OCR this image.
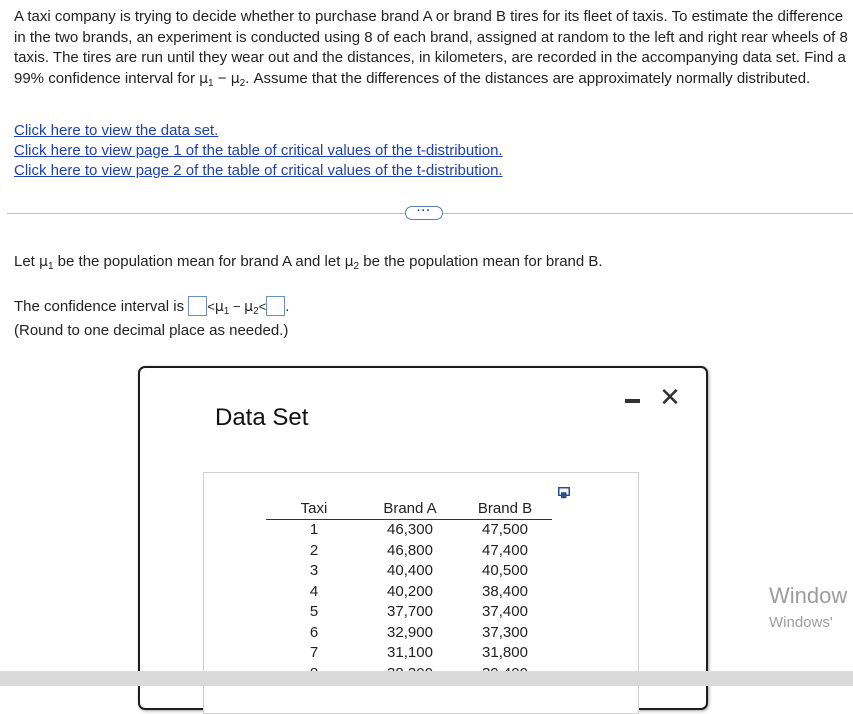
A taxi company is trying to decide whether to purchase brand A or brand B tires for its fleet of taxis. To estimate the difference in the two brands, an experiment is conducted using 8 of each brand, assigned at random to the left and right rear wheels of 8 taxis. The tires are run until they wear out and the distances, in kilometers, are recorded in the accompanying data set. Find a 99% confidence interval for $\mu_1 - \mu_2$. Assume that the differences of the distances are approximately normally distributed.

Click here to view the data set.
Click here to view page 1 of the table of critical values of the t-distribution.
Click here to view page 2 of the table of critical values of the t-distribution.
···
Let $\mu_1$ be the population mean for brand A and let $\mu_2$ be the population mean for brand B.
The confidence interval is $<\mu_1 - \mu_2<$ .
(Round to one decimal place as needed.)
Data Set
✕
Taxi	Brand A	Brand B
1	46,300	47,500
2	46,800	47,400
3	40,400	40,500
4	40,200	38,400
5	37,700	37,400
6	32,900	37,300
7	31,100	31,800

Window
Windows'
